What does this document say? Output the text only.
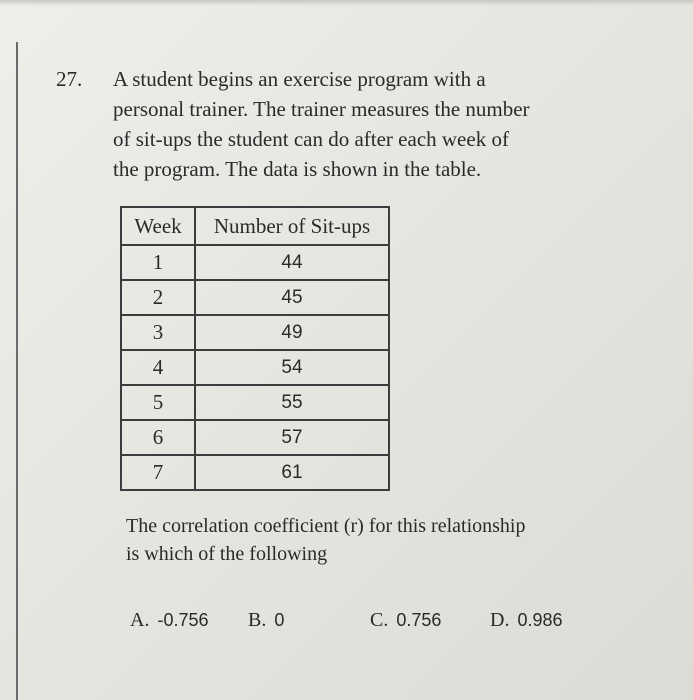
27. A student begins an exercise program with a
personal trainer. The trainer measures the number
of sit-ups the student can do after each week of
the program. The data is shown in the table.

Week	Number of Sit-ups
1	44
2	45
3	49
4	54
5	55
6	57
7	61

The correlation coefficient (r) for this relationship
is which of the following

A. -0.756 B. 0	C. 0.756 D. 0.986
